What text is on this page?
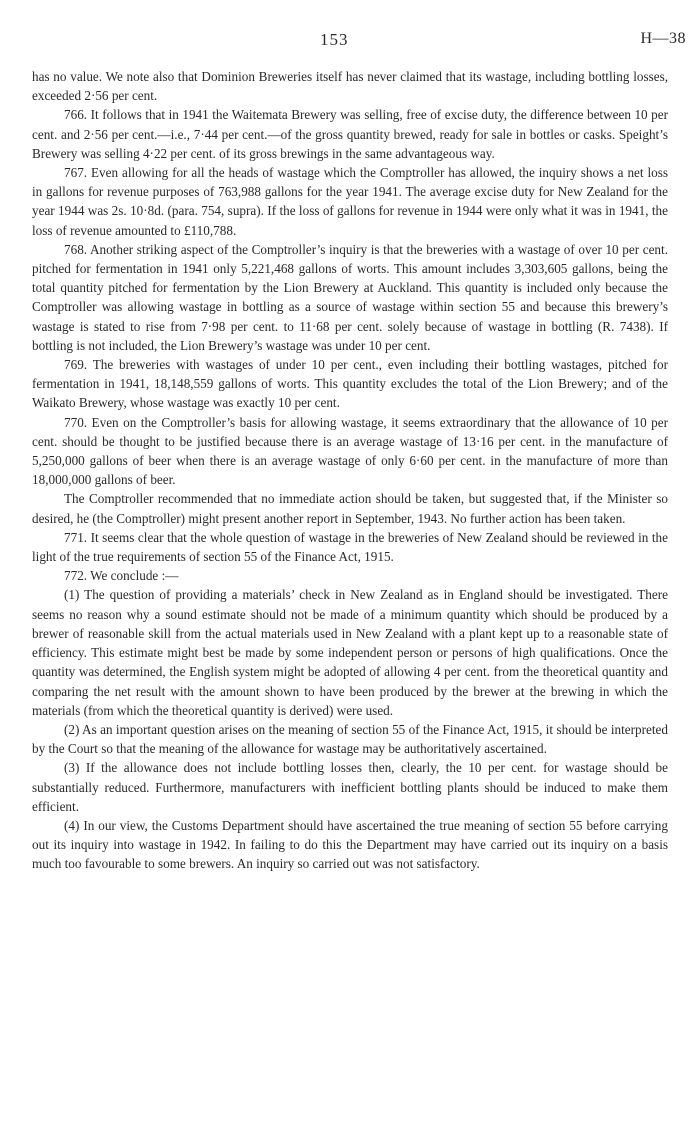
153	H—38

has no value. We note also that Dominion Breweries itself has never claimed that its wastage, including bottling losses, exceeded 2·56 per cent.

766. It follows that in 1941 the Waitemata Brewery was selling, free of excise duty, the difference between 10 per cent. and 2·56 per cent.—i.e., 7·44 per cent.—of the gross quantity brewed, ready for sale in bottles or casks. Speight’s Brewery was selling 4·22 per cent. of its gross brewings in the same advantageous way.

767. Even allowing for all the heads of wastage which the Comptroller has allowed, the inquiry shows a net loss in gallons for revenue purposes of 763,988 gallons for the year 1941. The average excise duty for New Zealand for the year 1944 was 2s. 10·8d. (para. 754, supra). If the loss of gallons for revenue in 1944 were only what it was in 1941, the loss of revenue amounted to £110,788.

768. Another striking aspect of the Comptroller’s inquiry is that the breweries with a wastage of over 10 per cent. pitched for fermentation in 1941 only 5,221,468 gallons of worts. This amount includes 3,303,605 gallons, being the total quantity pitched for fermentation by the Lion Brewery at Auckland. This quantity is included only because the Comptroller was allowing wastage in bottling as a source of wastage within section 55 and because this brewery’s wastage is stated to rise from 7·98 per cent. to 11·68 per cent. solely because of wastage in bottling (R. 7438). If bottling is not included, the Lion Brewery’s wastage was under 10 per cent.

769. The breweries with wastages of under 10 per cent., even including their bottling wastages, pitched for fermentation in 1941, 18,148,559 gallons of worts. This quantity excludes the total of the Lion Brewery; and of the Waikato Brewery, whose wastage was exactly 10 per cent.

770. Even on the Comptroller’s basis for allowing wastage, it seems extraordinary that the allowance of 10 per cent. should be thought to be justified because there is an average wastage of 13·16 per cent. in the manufacture of 5,250,000 gallons of beer when there is an average wastage of only 6·60 per cent. in the manufacture of more than 18,000,000 gallons of beer.

The Comptroller recommended that no immediate action should be taken, but suggested that, if the Minister so desired, he (the Comptroller) might present another report in September, 1943. No further action has been taken.

771. It seems clear that the whole question of wastage in the breweries of New Zealand should be reviewed in the light of the true requirements of section 55 of the Finance Act, 1915.

772. We conclude :—

(1) The question of providing a materials’ check in New Zealand as in England should be investigated. There seems no reason why a sound estimate should not be made of a minimum quantity which should be produced by a brewer of reasonable skill from the actual materials used in New Zealand with a plant kept up to a reasonable state of efficiency. This estimate might best be made by some independent person or persons of high qualifications. Once the quantity was determined, the English system might be adopted of allowing 4 per cent. from the theoretical quantity and comparing the net result with the amount shown to have been produced by the brewer at the brewing in which the materials (from which the theoretical quantity is derived) were used.

(2) As an important question arises on the meaning of section 55 of the Finance Act, 1915, it should be interpreted by the Court so that the meaning of the allowance for wastage may be authoritatively ascertained.

(3) If the allowance does not include bottling losses then, clearly, the 10 per cent. for wastage should be substantially reduced. Furthermore, manufacturers with inefficient bottling plants should be induced to make them efficient.

(4) In our view, the Customs Department should have ascertained the true meaning of section 55 before carrying out its inquiry into wastage in 1942. In failing to do this the Department may have carried out its inquiry on a basis much too favourable to some brewers. An inquiry so carried out was not satisfactory.
